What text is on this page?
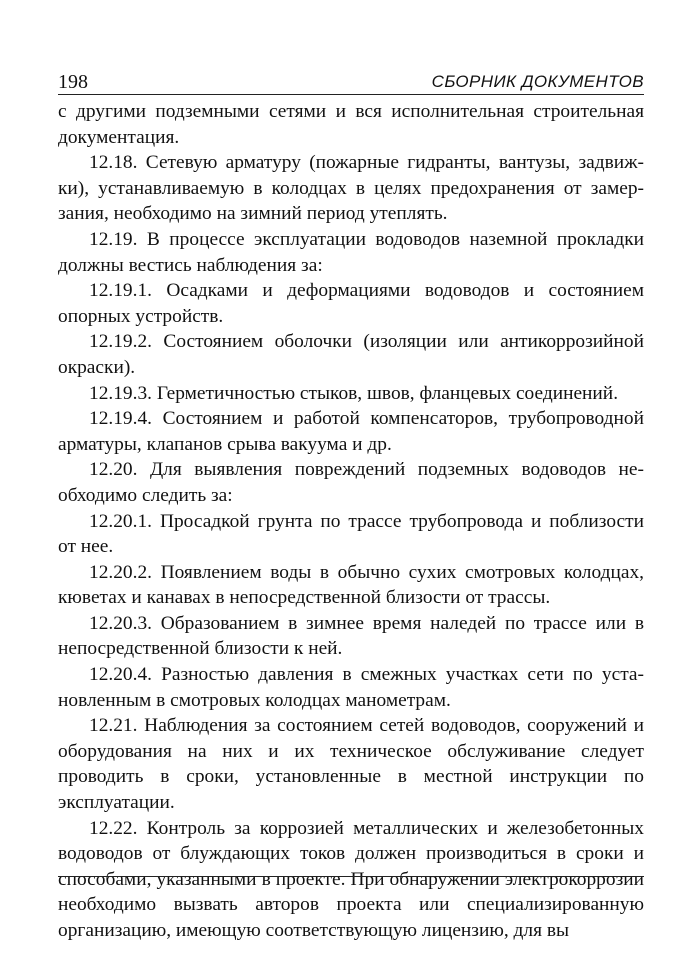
198	СБОРНИК ДОКУМЕНТОВ

с другими подземными сетями и вся исполнительная строительная документация.

12.18. Сетевую арматуру (пожарные гидранты, вантузы, задвижки), устанавливаемую в колодцах в целях предохранения от замерзания, необходимо на зимний период утеплять.

12.19. В процессе эксплуатации водоводов наземной прокладки должны вестись наблюдения за:

12.19.1. Осадками и деформациями водоводов и состоянием опорных устройств.

12.19.2. Состоянием оболочки (изоляции или антикоррозийной окраски).

12.19.3. Герметичностью стыков, швов, фланцевых соединений.

12.19.4. Состоянием и работой компенсаторов, трубопроводной арматуры, клапанов срыва вакуума и др.

12.20. Для выявления повреждений подземных водоводов необходимо следить за:

12.20.1. Просадкой грунта по трассе трубопровода и поблизости от нее.

12.20.2. Появлением воды в обычно сухих смотровых колодцах, кюветах и канавах в непосредственной близости от трассы.

12.20.3. Образованием в зимнее время наледей по трассе или в непосредственной близости к ней.

12.20.4. Разностью давления в смежных участках сети по установленным в смотровых колодцах манометрам.

12.21. Наблюдения за состоянием сетей водоводов, сооружений и оборудования на них и их техническое обслуживание следует проводить в сроки, установленные в местной инструкции по эксплуатации.

12.22. Контроль за коррозией металлических и железобетонных водоводов от блуждающих токов должен производиться в сроки и способами, указанными в проекте. При обнаружении электрокоррозии необходимо вызвать авторов проекта или специализированную организацию, имеющую соответствующую лицензию, для вы
